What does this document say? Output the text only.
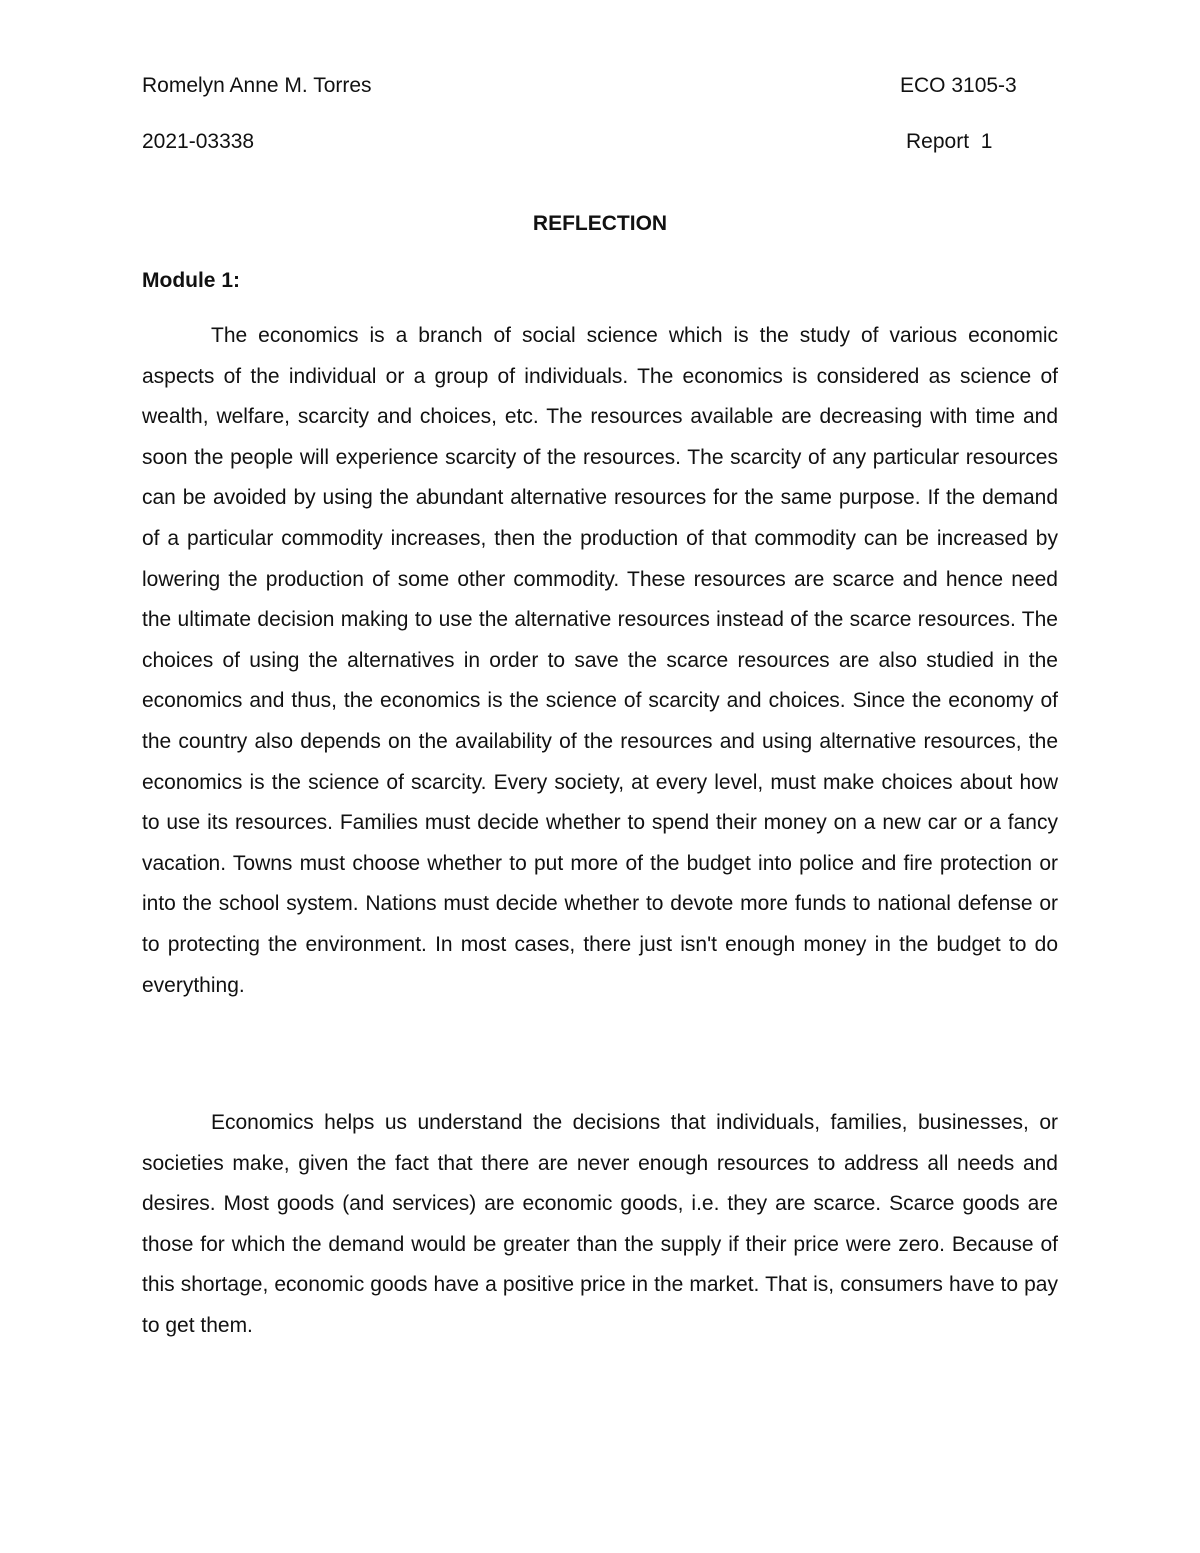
Romelyn Anne M. Torres	ECO 3105-3
2021-03338	Report  1
REFLECTION
Module 1:

The economics is a branch of social science which is the study of various economic aspects of the individual or a group of individuals. The economics is considered as science of wealth, welfare, scarcity and choices, etc. The resources available are decreasing with time and soon the people will experience scarcity of the resources. The scarcity of any particular resources can be avoided by using the abundant alternative resources for the same purpose. If the demand of a particular commodity increases, then the production of that commodity can be increased by lowering the production of some other commodity. These resources are scarce and hence need the ultimate decision making to use the alternative resources instead of the scarce resources. The choices of using the alternatives in order to save the scarce resources are also studied in the economics and thus, the economics is the science of scarcity and choices. Since the economy of the country also depends on the availability of the resources and using alternative resources, the economics is the science of scarcity. Every society, at every level, must make choices about how to use its resources. Families must decide whether to spend their money on a new car or a fancy vacation. Towns must choose whether to put more of the budget into police and fire protection or into the school system. Nations must decide whether to devote more funds to national defense or to protecting the environment. In most cases, there just isn't enough money in the budget to do everything.

Economics helps us understand the decisions that individuals, families, businesses, or societies make, given the fact that there are never enough resources to address all needs and desires. Most goods (and services) are economic goods, i.e. they are scarce. Scarce goods are those for which the demand would be greater than the supply if their price were zero. Because of this shortage, economic goods have a positive price in the market. That is, consumers have to pay to get them.
